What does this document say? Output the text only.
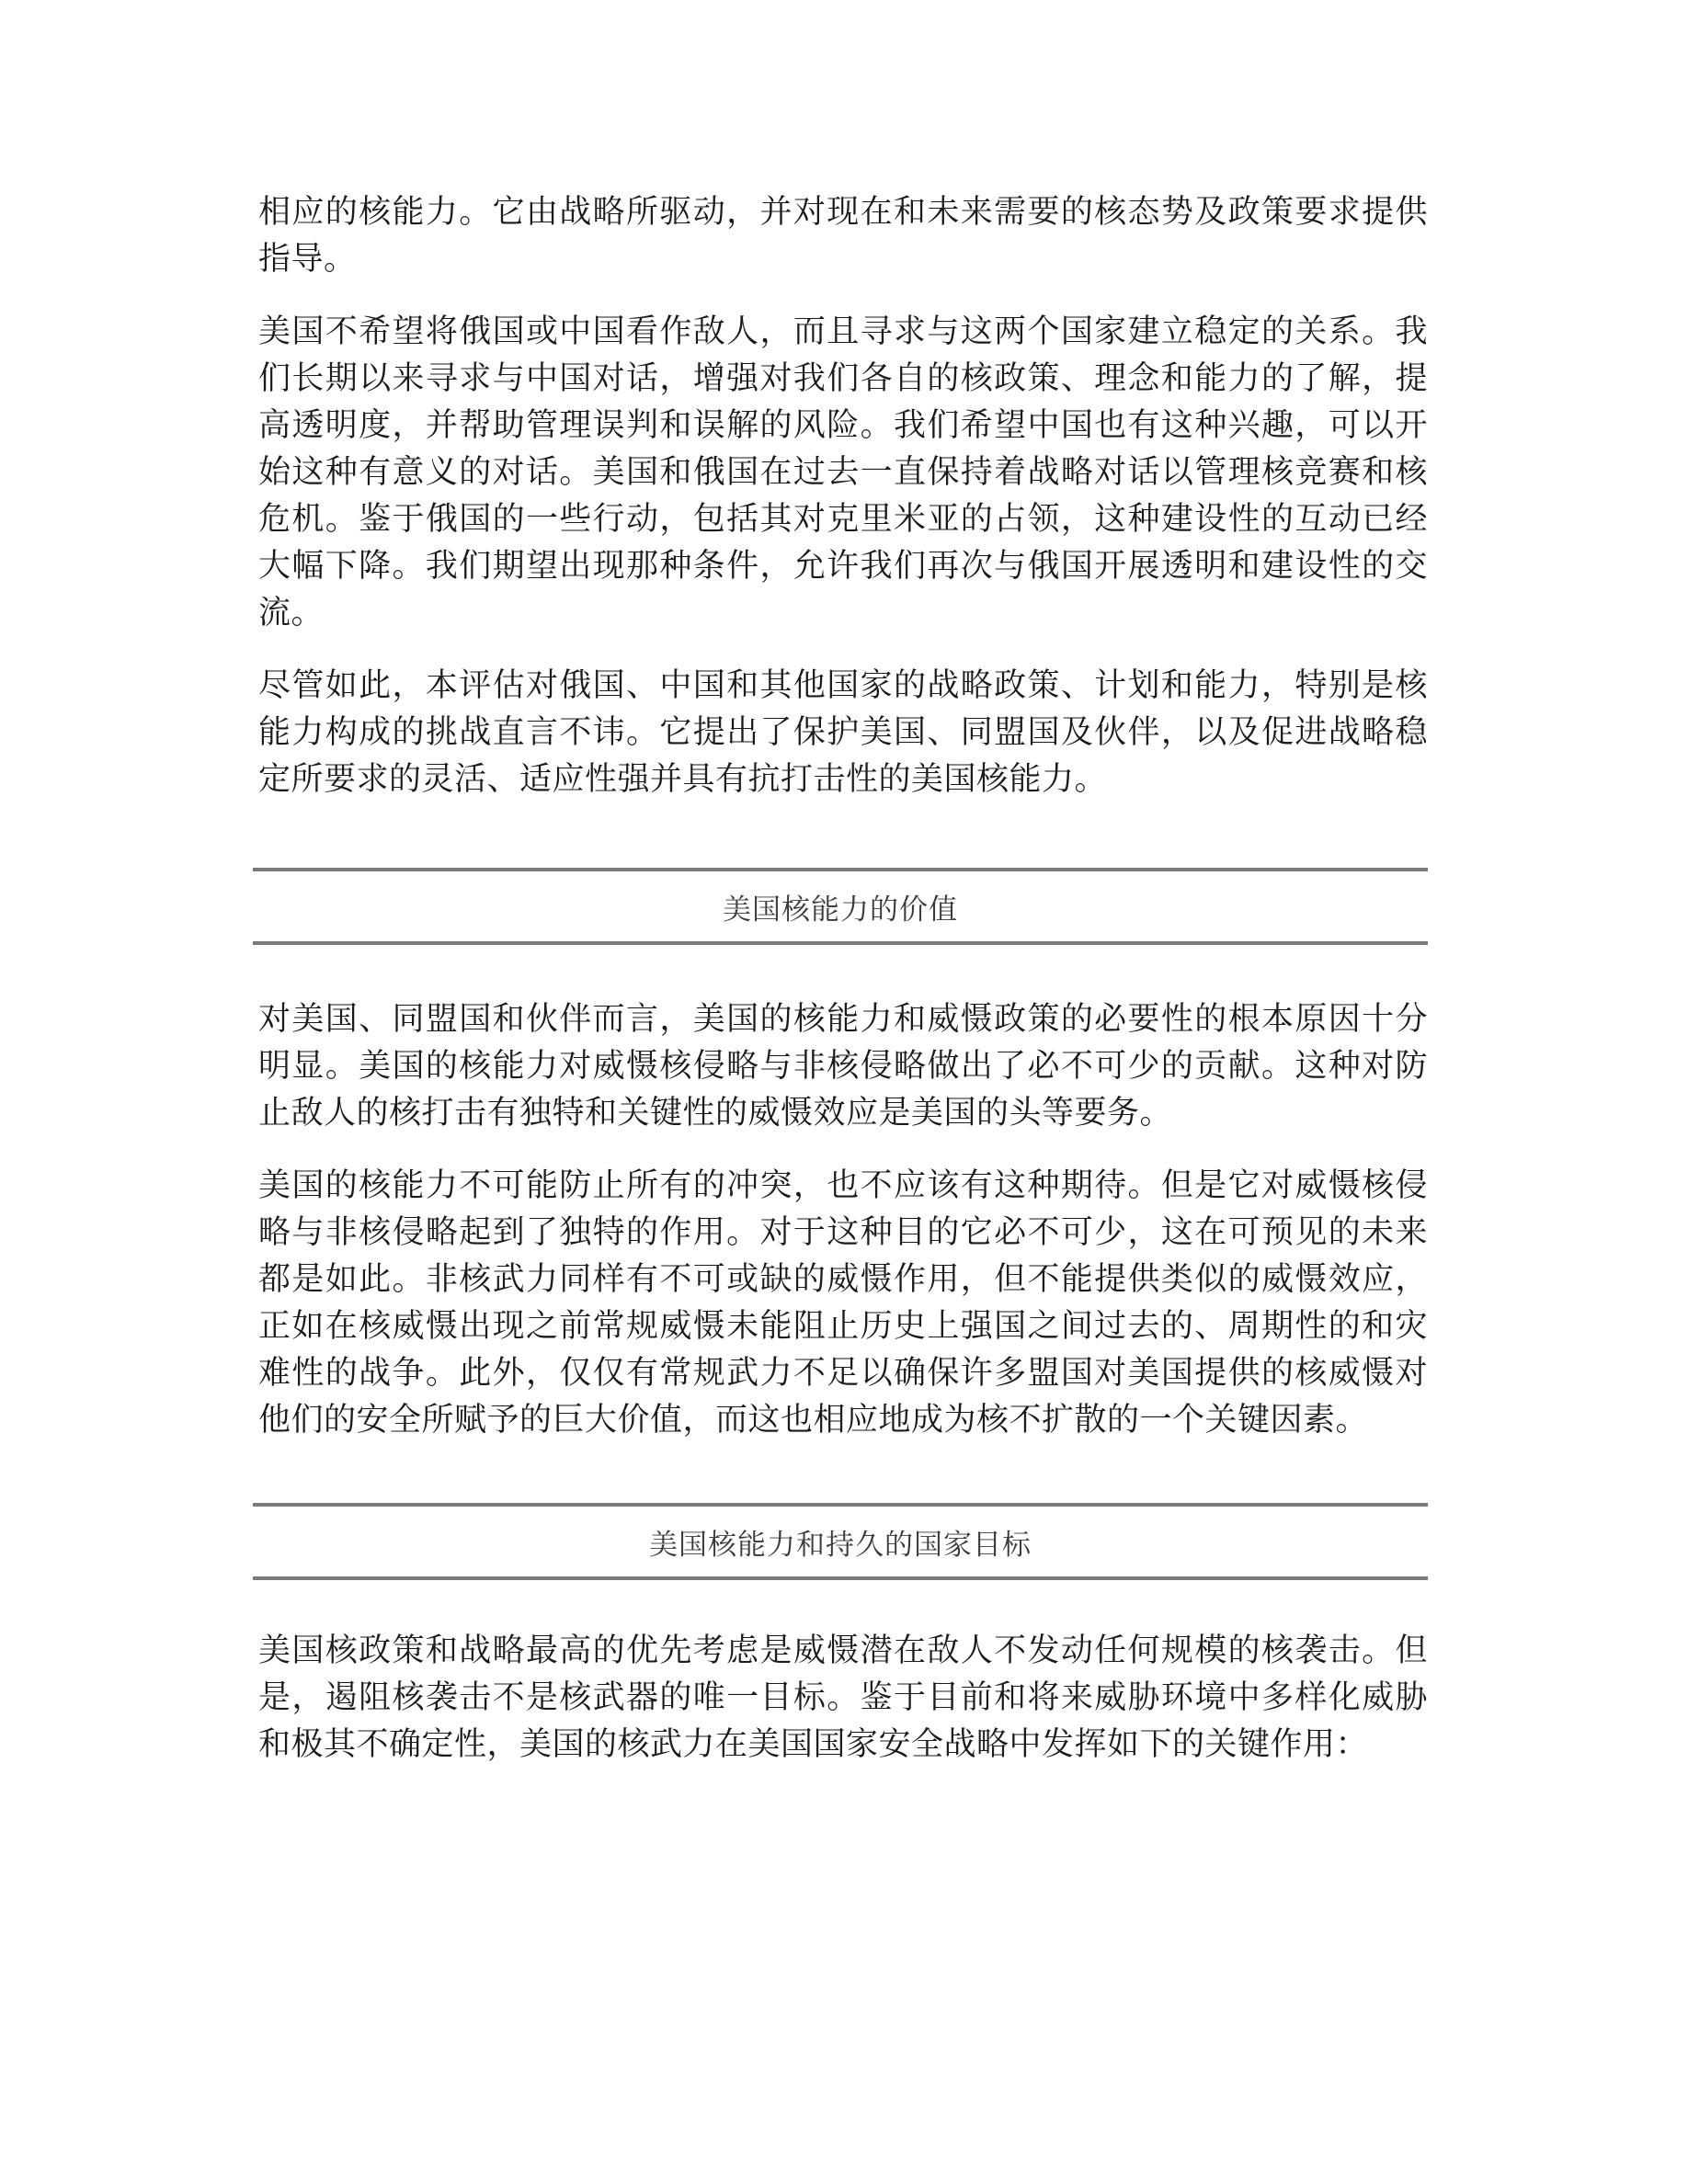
相应的核能力。它由战略所驱动，并对现在和未来需要的核态势及政策要求提供指导。

美国不希望将俄国或中国看作敌人，而且寻求与这两个国家建立稳定的关系。我们长期以来寻求与中国对话，增强对我们各自的核政策、理念和能力的了解，提高透明度，并帮助管理误判和误解的风险。我们希望中国也有这种兴趣，可以开始这种有意义的对话。美国和俄国在过去一直保持着战略对话以管理核竞赛和核危机。鉴于俄国的一些行动，包括其对克里米亚的占领，这种建设性的互动已经大幅下降。我们期望出现那种条件，允许我们再次与俄国开展透明和建设性的交流。

尽管如此，本评估对俄国、中国和其他国家的战略政策、计划和能力，特别是核能力构成的挑战直言不讳。它提出了保护美国、同盟国及伙伴，以及促进战略稳定所要求的灵活、适应性强并具有抗打击性的美国核能力。

美国核能力的价值

对美国、同盟国和伙伴而言，美国的核能力和威慑政策的必要性的根本原因十分明显。美国的核能力对威慑核侵略与非核侵略做出了必不可少的贡献。这种对防止敌人的核打击有独特和关键性的威慑效应是美国的头等要务。

美国的核能力不可能防止所有的冲突，也不应该有这种期待。但是它对威慑核侵略与非核侵略起到了独特的作用。对于这种目的它必不可少，这在可预见的未来都是如此。非核武力同样有不可或缺的威慑作用，但不能提供类似的威慑效应，正如在核威慑出现之前常规威慑未能阻止历史上强国之间过去的、周期性的和灾难性的战争。此外，仅仅有常规武力不足以确保许多盟国对美国提供的核威慑对他们的安全所赋予的巨大价值，而这也相应地成为核不扩散的一个关键因素。

美国核能力和持久的国家目标

美国核政策和战略最高的优先考虑是威慑潜在敌人不发动任何规模的核袭击。但是，遏阻核袭击不是核武器的唯一目标。鉴于目前和将来威胁环境中多样化威胁和极其不确定性，美国的核武力在美国国家安全战略中发挥如下的关键作用：
